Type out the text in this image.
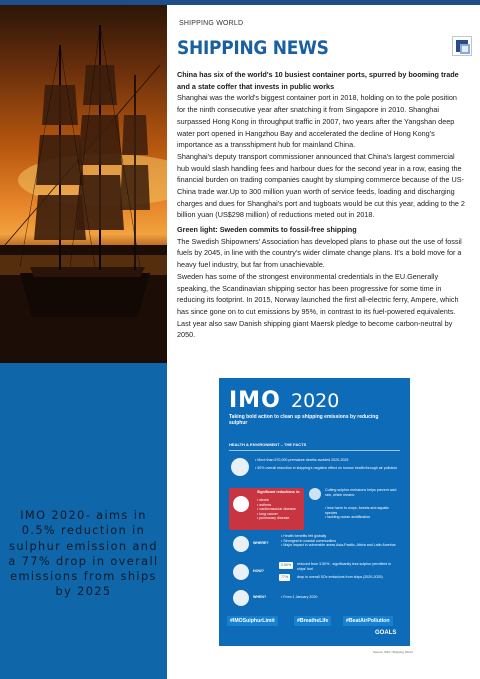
IMO 2020- aims in 0.5% reduction in sulphur emission and a 77% drop in overall emissions from ships by 2025
SHIPPING WORLD
SHIPPING NEWS

China has six of the world's 10 busiest container ports, spurred by booming trade and a state coffer that invests in public works

Shanghai was the world's biggest container port in 2018, holding on to the pole position for the ninth consecutive year after snatching it from Singapore in 2010. Shanghai surpassed Hong Kong in throughput traffic in 2007, two years after the Yangshan deep water port opened in Hangzhou Bay and accelerated the decline of Hong Kong's importance as a transshipment hub for mainland China.

Shanghai's deputy transport commissioner announced that China's largest commercial hub would slash handling fees and harbour dues for the second year in a row, easing the financial burden on trading companies caught by slumping commerce because of the US-China trade war.Up to 300 million yuan worth of service feeds, loading and discharging charges and dues for Shanghai's port and tugboats would be cut this year, adding to the 2 billion yuan (US$298 million) of reductions meted out in 2018.

Green light: Sweden commits to fossil-free shipping

The Swedish Shipowners' Association has developed plans to phase out the use of fossil fuels by 2045, in line with the country's wider climate change plans. It's a bold move for a heavy fuel industry, but far from unachievable.

Sweden has some of the strongest environmental credentials in the EU.Generally speaking, the Scandinavian shipping sector has been progressive for some time in reducing its footprint. In 2015, Norway launched the first all-electric ferry, Ampere, which has since gone on to cut emissions by 95%, in contrast to its fuel-powered equivalents. Last year also saw Danish shipping giant Maersk pledge to become carbon-neutral by 2050.

IMO 2020
Taking bold action to clean up shipping emissions by reducing sulphur
HEALTH & ENVIRONMENT – THE FACTS
• More than 570,000 premature deaths avoided 2020-2025
• 50% overall reduction in shipping's negative effect on human health through air pollution
Significant reductions in:
• stroke
• asthma
• cardiovascular disease
• lung cancer
• pulmonary disease
Cutting sulphur emissions helps prevent acid rain, which means:
• less harm to crops, forests and aquatic species
• tackling ocean acidification
WHERE?
• Health benefits felt globally
• Strongest in coastal communities
• Major impact in vulnerable areas Asia-Pacific, Africa and Latin America
HOW?
0.50%	reduced from 3.50% - significantly less sulphur permitted in ships' fuel
77%	drop in overall SOx emissions from ships (2020-2025)
WHEN?	• From 1 January 2020
#IMOSulphurLimit	#BreatheLife	#BeatAirPollution
GOALS
Source: IMO / Shipping World
